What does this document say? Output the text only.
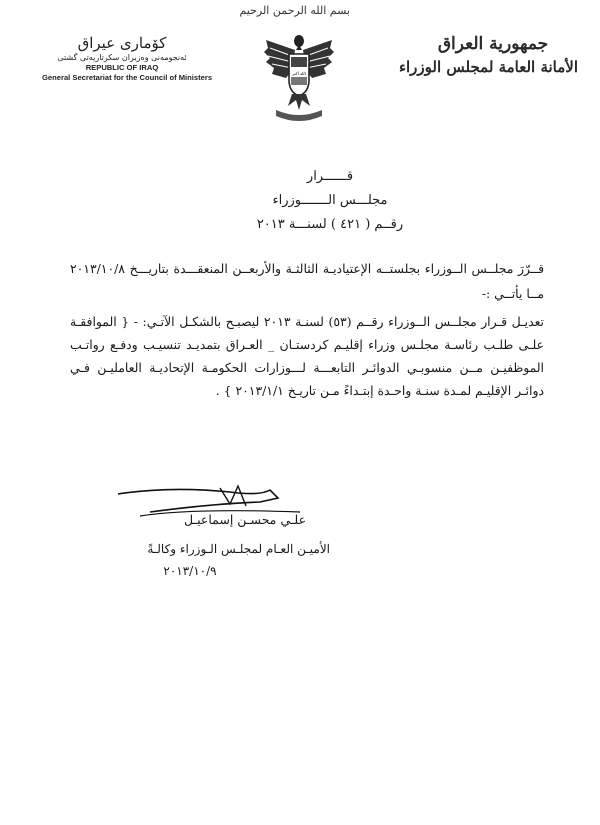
بسم الله الرحمن الرحيم
كۆماری عیراق
ئه‌نجومه‌نی وه‌زیران سكرتاریه‌تی گشتی
REPUBLIC OF IRAQ
General Secretariat for the Council of Ministers	الله أكبر
جمهورية العراق
الأمانة العامة لمجلس الوزراء
قــــــرار
مجلـــس الـــــــوزراء
رقــم ( ٤٢١ ) لسنـــة ٢٠١٣
قــرّرَ مجلــس الــوزراء بجلستــه الإعتياديـة الثالثـة والأربعــن المنعقـــدة بتاريـــخ ٢٠١٣/١٠/٨ مــا يأتــي :-
تعديـل قـرار مجلــس الــوزراء رقــم (٥٣) لسنـة ٢٠١٣ ليصبـح بالشكـل الآتـي: - { الموافقـة علـى طلـب رئاسـة مجلـس وزراء إقليـم كردستـان _ العـراق بتمديـد تنسيـب ودفـع رواتـب الموظفيـن مــن منسوبـي الدوائـر التابعـــة لـــوزارات الحكومـة الإتحاديـة العامليـن فـي دوائـر الإقليـم لمـدة سنـة واحـدة إبتـداءً مـن تاريـخ ٢٠١٣/١/١ } .
علـي محسـن إسماعيـل
الأميـن العـام لمجلـس الـوزراء وكالـةً
٢٠١٣/١٠/٩
